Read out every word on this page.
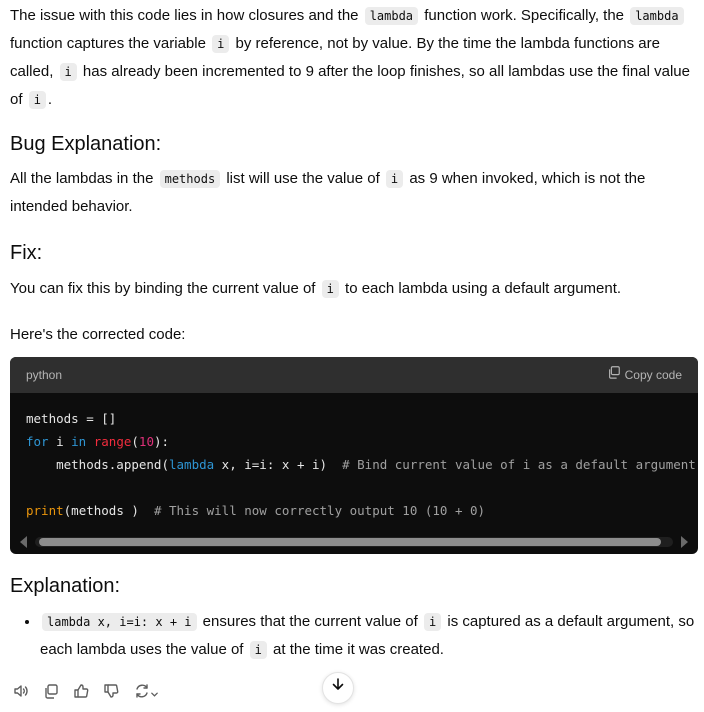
The issue with this code lies in how closures and the lambda function work. Specifically, the lambda function captures the variable i by reference, not by value. By the time the lambda functions are called, i has already been incremented to 9 after the loop finishes, so all lambdas use the final value of i .

Bug Explanation:

All the lambdas in the methods list will use the value of i as 9 when invoked, which is not the intended behavior.

Fix:

You can fix this by binding the current value of i to each lambda using a default argument.

Here's the corrected code:

python	Copy code
methods = []
for i in range(10):
methods.append(lambda x, i=i: x + i)  # Bind current value of i as a default argument

print(methods )  # This will now correctly output 10 (10 + 0)
Explanation:
• lambda x, i=i: x + i ensures that the current value of i is captured as a default argument, so each lambda uses the value of i at the time it was created.
